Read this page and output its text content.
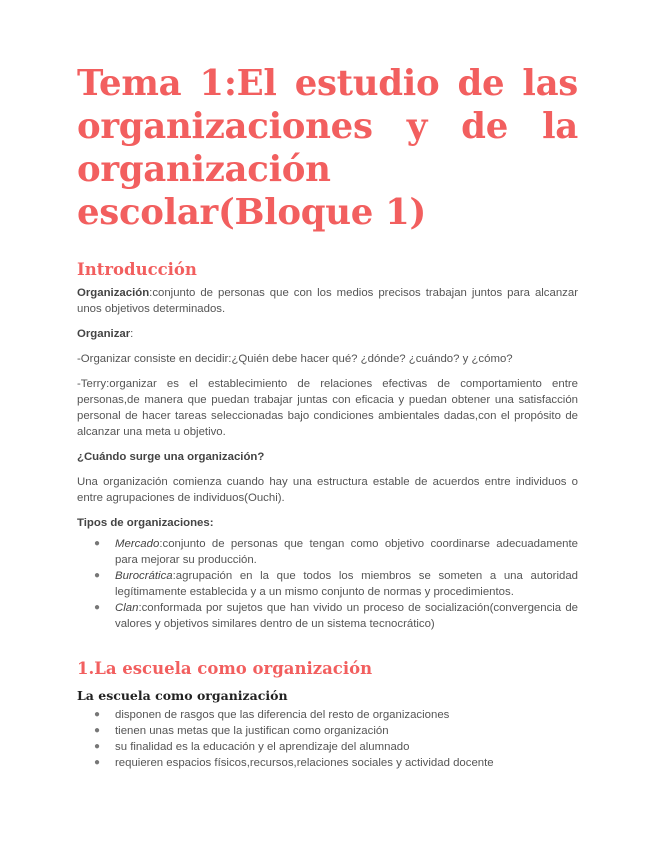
Tema 1:El estudio de las
organizaciones y de la
organización
escolar(Bloque 1)
Introducción

Organización:conjunto de personas que con los medios precisos trabajan juntos para alcanzar unos objetivos determinados.

Organizar:

-Organizar consiste en decidir:¿Quién debe hacer qué? ¿dónde? ¿cuándo? y ¿cómo?

-Terry:organizar es el establecimiento de relaciones efectivas de comportamiento entre personas,de manera que puedan trabajar juntas con eficacia y puedan obtener una satisfacción personal de hacer tareas seleccionadas bajo condiciones ambientales dadas,con el propósito de alcanzar una meta u objetivo.

¿Cuándo surge una organización?

Una organización comienza cuando hay una estructura estable de acuerdos entre individuos o entre agrupaciones de individuos(Ouchi).

Tipos de organizaciones:

● Mercado:conjunto de personas que tengan como objetivo coordinarse adecuadamente para mejorar su producción.
● Burocrática:agrupación en la que todos los miembros se someten a una autoridad legítimamente establecida y a un mismo conjunto de normas y procedimientos.
● Clan:conformada por sujetos que han vivido un proceso de socialización(convergencia de valores y objetivos similares dentro de un sistema tecnocrático)
1.La escuela como organización
La escuela como organización
● disponen de rasgos que las diferencia del resto de organizaciones
● tienen unas metas que la justifican como organización
● su finalidad es la educación y el aprendizaje del alumnado
● requieren espacios físicos,recursos,relaciones sociales y actividad docente
